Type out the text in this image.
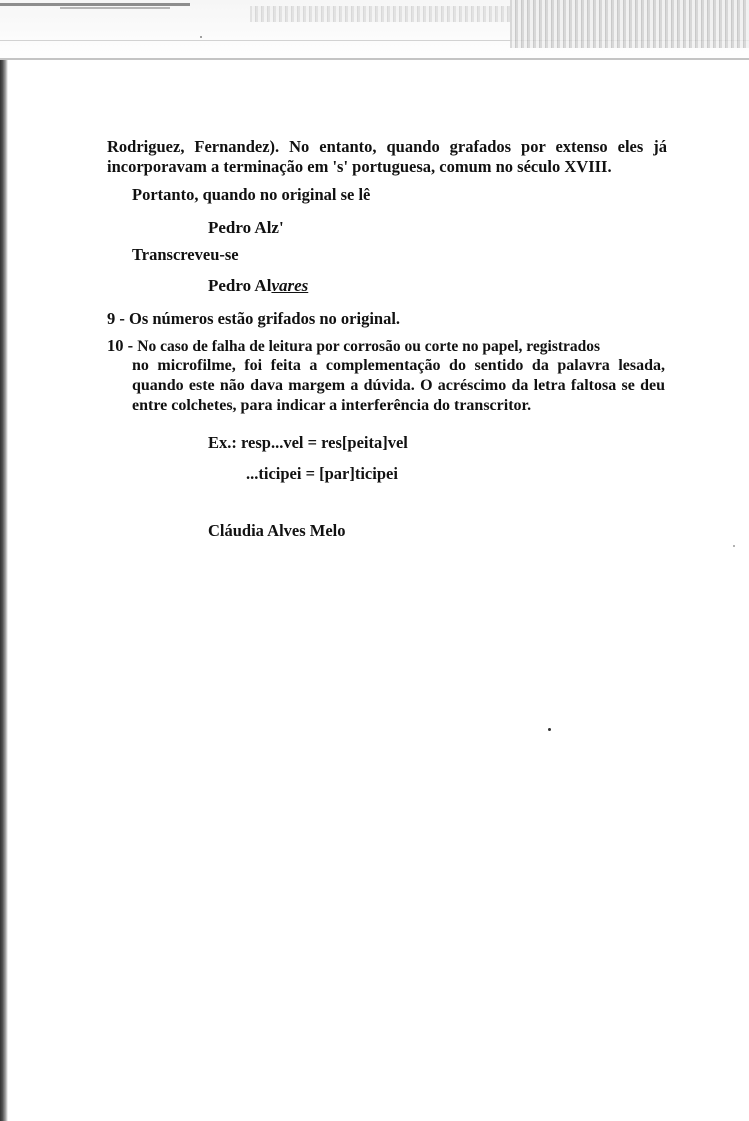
Rodriguez, Fernandez). No entanto, quando grafados por extenso eles já incorporavam a terminação em 's' portuguesa, comum no século XVIII.
Portanto, quando no original se lê
Pedro Alz'
Transcreveu-se
Pedro Alvares
9 - Os números estão grifados no original.
10 - No caso de falha de leitura por corrosão ou corte no papel, registrados
no microfilme, foi feita a complementação do sentido da palavra lesada, quando este não dava margem a dúvida. O acréscimo da letra faltosa se deu entre colchetes, para indicar a interferência do transcritor.
Ex.: resp...vel = res[peita]vel
...ticipei = [par]ticipei
Cláudia Alves Melo
